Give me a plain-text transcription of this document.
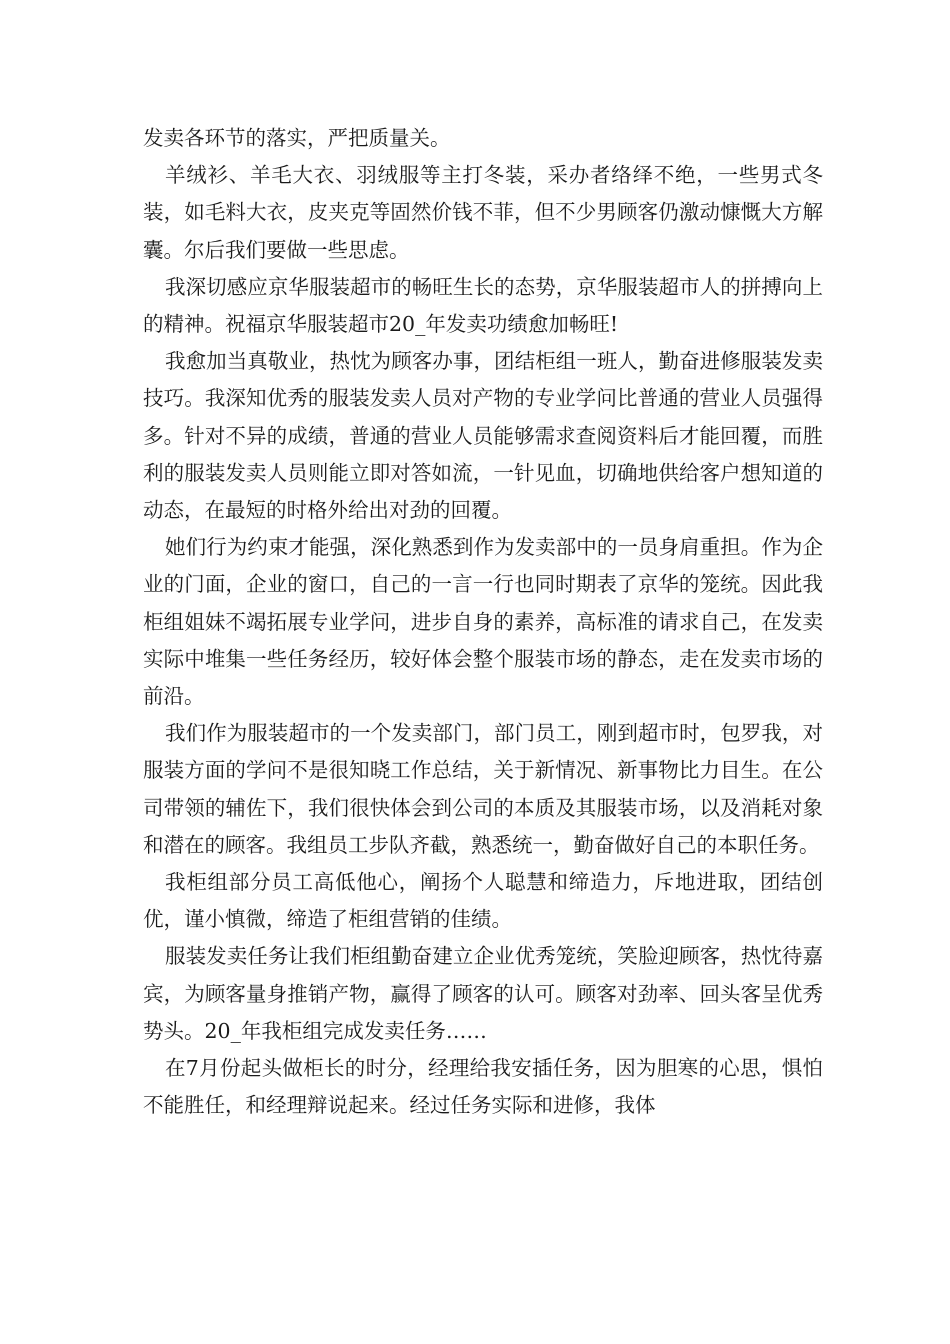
发卖各环节的落实，严把质量关。

羊绒衫、羊毛大衣、羽绒服等主打冬装，采办者络绎不绝，一些男式冬装，如毛料大衣，皮夹克等固然价钱不菲，但不少男顾客仍激动慷慨大方解囊。尔后我们要做一些思虑。

我深切感应京华服装超市的畅旺生长的态势，京华服装超市人的拼搏向上的精神。祝福京华服装超市20_年发卖功绩愈加畅旺!

我愈加当真敬业，热忱为顾客办事，团结柜组一班人，勤奋进修服装发卖技巧。我深知优秀的服装发卖人员对产物的专业学问比普通的营业人员强得多。针对不异的成绩，普通的营业人员能够需求查阅资料后才能回覆，而胜利的服装发卖人员则能立即对答如流，一针见血，切确地供给客户想知道的动态，在最短的时格外给出对劲的回覆。

她们行为约束才能强，深化熟悉到作为发卖部中的一员身肩重担。作为企业的门面，企业的窗口，自己的一言一行也同时期表了京华的笼统。因此我柜组姐妹不竭拓展专业学问，进步自身的素养，高标准的请求自己，在发卖实际中堆集一些任务经历，较好体会整个服装市场的静态，走在发卖市场的前沿。

我们作为服装超市的一个发卖部门，部门员工，刚到超市时，包罗我，对服装方面的学问不是很知晓工作总结，关于新情况、新事物比力目生。在公司带领的辅佐下，我们很快体会到公司的本质及其服装市场，以及消耗对象和潜在的顾客。我组员工步队齐截，熟悉统一，勤奋做好自己的本职任务。

我柜组部分员工高低他心，阐扬个人聪慧和缔造力，斥地进取，团结创优，谨小慎微，缔造了柜组营销的佳绩。

服装发卖任务让我们柜组勤奋建立企业优秀笼统，笑脸迎顾客，热忱待嘉宾，为顾客量身推销产物，赢得了顾客的认可。顾客对劲率、回头客呈优秀势头。20_年我柜组完成发卖任务……

在7月份起头做柜长的时分，经理给我安插任务，因为胆寒的心思，惧怕不能胜任，和经理辩说起来。经过任务实际和进修，我体
